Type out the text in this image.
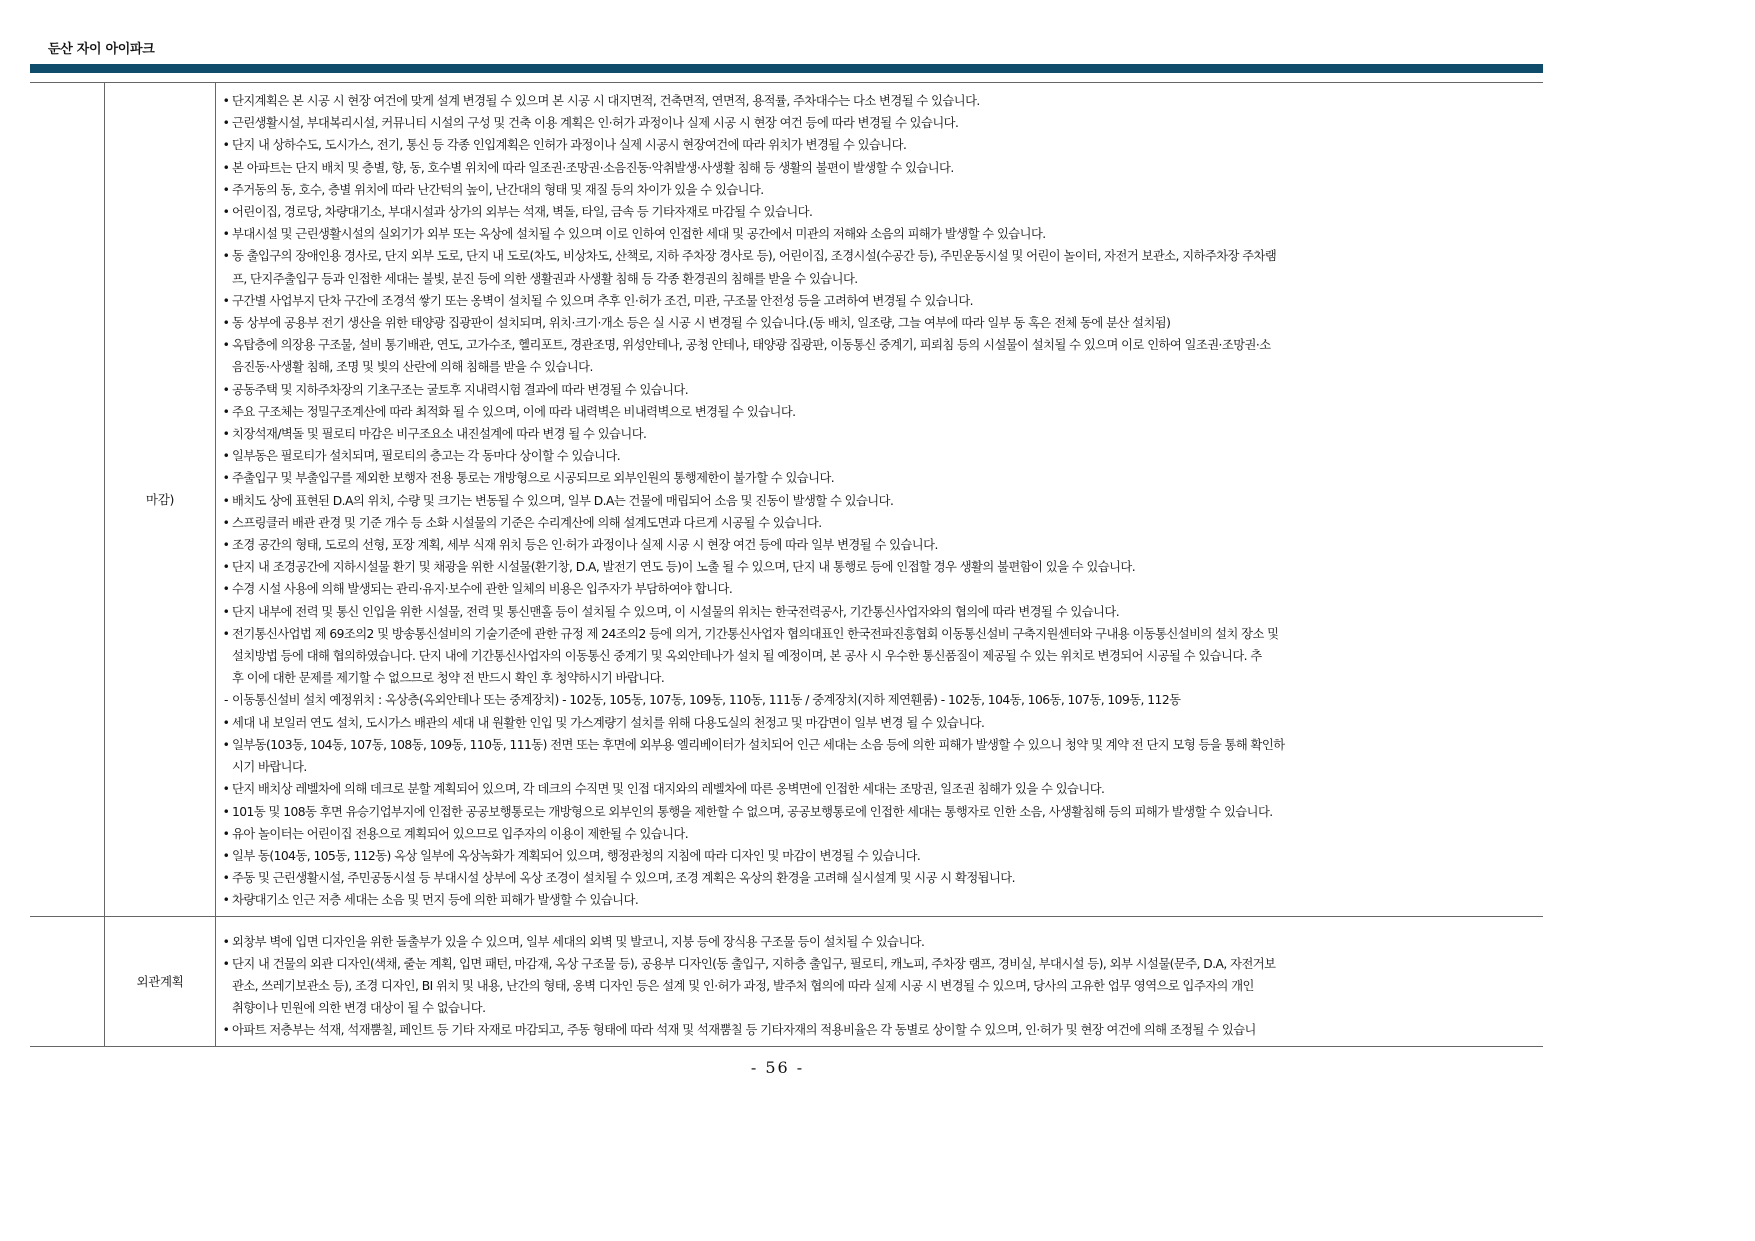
둔산 자이 아이파크
마감)
• 단지계획은 본 시공 시 현장 여건에 맞게 설계 변경될 수 있으며 본 시공 시 대지면적, 건축면적, 연면적, 용적률, 주차대수는 다소 변경될 수 있습니다.
• 근린생활시설, 부대복리시설, 커뮤니티 시설의 구성 및 건축 이용 계획은 인·허가 과정이나 실제 시공 시 현장 여건 등에 따라 변경될 수 있습니다.
• 단지 내 상하수도, 도시가스, 전기, 통신 등 각종 인입계획은 인허가 과정이나 실제 시공시 현장여건에 따라 위치가 변경될 수 있습니다.
• 본 아파트는 단지 배치 및 층별, 향, 동, 호수별 위치에 따라 일조권·조망권·소음진동·악취발생·사생활 침해 등 생활의 불편이 발생할 수 있습니다.
• 주거동의 동, 호수, 층별 위치에 따라 난간턱의 높이, 난간대의 형태 및 재질 등의 차이가 있을 수 있습니다.
• 어린이집, 경로당, 차량대기소, 부대시설과 상가의 외부는 석재, 벽돌, 타일, 금속 등 기타자재로 마감될 수 있습니다.
• 부대시설 및 근린생활시설의 실외기가 외부 또는 옥상에 설치될 수 있으며 이로 인하여 인접한 세대 및 공간에서 미관의 저해와 소음의 피해가 발생할 수 있습니다.
• 동 출입구의 장애인용 경사로, 단지 외부 도로, 단지 내 도로(차도, 비상차도, 산책로, 지하 주차장 경사로 등), 어린이집, 조경시설(수공간 등), 주민운동시설 및 어린이 놀이터, 자전거 보관소, 지하주차장 주차램
프, 단지주출입구 등과 인접한 세대는 불빛, 분진 등에 의한 생활권과 사생활 침해 등 각종 환경권의 침해를 받을 수 있습니다.
• 구간별 사업부지 단차 구간에 조경석 쌓기 또는 옹벽이 설치될 수 있으며 추후 인·허가 조건, 미관, 구조물 안전성 등을 고려하여 변경될 수 있습니다.
• 동 상부에 공용부 전기 생산을 위한 태양광 집광판이 설치되며, 위치·크기·개소 등은 실 시공 시 변경될 수 있습니다.(동 배치, 일조량, 그늘 여부에 따라 일부 동 혹은 전체 동에 분산 설치됨)
• 옥탑층에 의장용 구조물, 설비 통기배관, 연도, 고가수조, 헬리포트, 경관조명, 위성안테나, 공청 안테나, 태양광 집광판, 이동통신 중계기, 피뢰침 등의 시설물이 설치될 수 있으며 이로 인하여 일조권·조망권·소
음진동·사생활 침해, 조명 및 빛의 산란에 의해 침해를 받을 수 있습니다.
• 공동주택 및 지하주차장의 기초구조는 굴토후 지내력시험 결과에 따라 변경될 수 있습니다.
• 주요 구조체는 정밀구조계산에 따라 최적화 될 수 있으며, 이에 따라 내력벽은 비내력벽으로 변경될 수 있습니다.
• 치장석재/벽돌 및 필로티 마감은 비구조요소 내진설계에 따라 변경 될 수 있습니다.
• 일부동은 필로티가 설치되며, 필로티의 층고는 각 동마다 상이할 수 있습니다.
• 주출입구 및 부출입구를 제외한 보행자 전용 통로는 개방형으로 시공되므로 외부인원의 통행제한이 불가할 수 있습니다.
• 배치도 상에 표현된 D.A의 위치, 수량 및 크기는 변동될 수 있으며, 일부 D.A는 건물에 매립되어 소음 및 진동이 발생할 수 있습니다.
• 스프링클러 배관 관경 및 기준 개수 등 소화 시설물의 기준은 수리계산에 의해 설계도면과 다르게 시공될 수 있습니다.
• 조경 공간의 형태, 도로의 선형, 포장 계획, 세부 식재 위치 등은 인·허가 과정이나 실제 시공 시 현장 여건 등에 따라 일부 변경될 수 있습니다.
• 단지 내 조경공간에 지하시설물 환기 및 채광을 위한 시설물(환기창, D.A, 발전기 연도 등)이 노출 될 수 있으며, 단지 내 통행로 등에 인접할 경우 생활의 불편함이 있을 수 있습니다.
• 수경 시설 사용에 의해 발생되는 관리·유지·보수에 관한 일체의 비용은 입주자가 부담하여야 합니다.
• 단지 내부에 전력 및 통신 인입을 위한 시설물, 전력 및 통신맨홀 등이 설치될 수 있으며, 이 시설물의 위치는 한국전력공사, 기간통신사업자와의 협의에 따라 변경될 수 있습니다.
• 전기통신사업법 제 69조의2 및 방송통신설비의 기술기준에 관한 규정 제 24조의2 등에 의거, 기간통신사업자 협의대표인 한국전파진흥협회 이동통신설비 구축지원센터와 구내용 이동통신설비의 설치 장소 및
설치방법 등에 대해 협의하였습니다. 단지 내에 기간통신사업자의 이동통신 중계기 및 옥외안테나가 설치 될 예정이며, 본 공사 시 우수한 통신품질이 제공될 수 있는 위치로 변경되어 시공될 수 있습니다. 추
후 이에 대한 문제를 제기할 수 없으므로 청약 전 반드시 확인 후 청약하시기 바랍니다.
- 이동통신설비 설치 예정위치 : 옥상층(옥외안테나 또는 중계장치) - 102동, 105동, 107동, 109동, 110동, 111동 / 중계장치(지하 제연휀룸) - 102동, 104동, 106동, 107동, 109동, 112동
• 세대 내 보일러 연도 설치, 도시가스 배관의 세대 내 원활한 인입 및 가스계량기 설치를 위해 다용도실의 천정고 및 마감면이 일부 변경 될 수 있습니다.
• 일부동(103동, 104동, 107동, 108동, 109동, 110동, 111동) 전면 또는 후면에 외부용 엘리베이터가 설치되어 인근 세대는 소음 등에 의한 피해가 발생할 수 있으니 청약 및 계약 전 단지 모형 등을 통해 확인하
시기 바랍니다.
• 단지 배치상 레벨차에 의해 데크로 분할 계획되어 있으며, 각 데크의 수직면 및 인접 대지와의 레벨차에 따른 옹벽면에 인접한 세대는 조망권, 일조권 침해가 있을 수 있습니다.
• 101동 및 108동 후면 유승기업부지에 인접한 공공보행통로는 개방형으로 외부인의 통행을 제한할 수 없으며, 공공보행통로에 인접한 세대는 통행자로 인한 소음, 사생활침해 등의 피해가 발생할 수 있습니다.
• 유아 놀이터는 어린이집 전용으로 계획되어 있으므로 입주자의 이용이 제한될 수 있습니다.
• 일부 동(104동, 105동, 112동) 옥상 일부에 옥상녹화가 계획되어 있으며, 행정관청의 지침에 따라 디자인 및 마감이 변경될 수 있습니다.
• 주동 및 근린생활시설, 주민공동시설 등 부대시설 상부에 옥상 조경이 설치될 수 있으며, 조경 계획은 옥상의 환경을 고려해 실시설계 및 시공 시 확정됩니다.
• 차량대기소 인근 저층 세대는 소음 및 먼지 등에 의한 피해가 발생할 수 있습니다.
외관계획
• 외창부 벽에 입면 디자인을 위한 돌출부가 있을 수 있으며, 일부 세대의 외벽 및 발코니, 지붕 등에 장식용 구조물 등이 설치될 수 있습니다.
• 단지 내 건물의 외관 디자인(색채, 줄눈 계획, 입면 패턴, 마감재, 옥상 구조물 등), 공용부 디자인(동 출입구, 지하층 출입구, 필로티, 캐노피, 주차장 램프, 경비실, 부대시설 등), 외부 시설물(문주, D.A, 자전거보
관소, 쓰레기보관소 등), 조경 디자인, BI 위치 및 내용, 난간의 형태, 옹벽 디자인 등은 설계 및 인·허가 과정, 발주처 협의에 따라 실제 시공 시 변경될 수 있으며, 당사의 고유한 업무 영역으로 입주자의 개인
취향이나 민원에 의한 변경 대상이 될 수 없습니다.
• 아파트 저층부는 석재, 석재뿜칠, 페인트 등 기타 자재로 마감되고, 주동 형태에 따라 석재 및 석재뿜칠 등 기타자재의 적용비율은 각 동별로 상이할 수 있으며, 인·허가 및 현장 여건에 의해 조정될 수 있습니
- 56 -
